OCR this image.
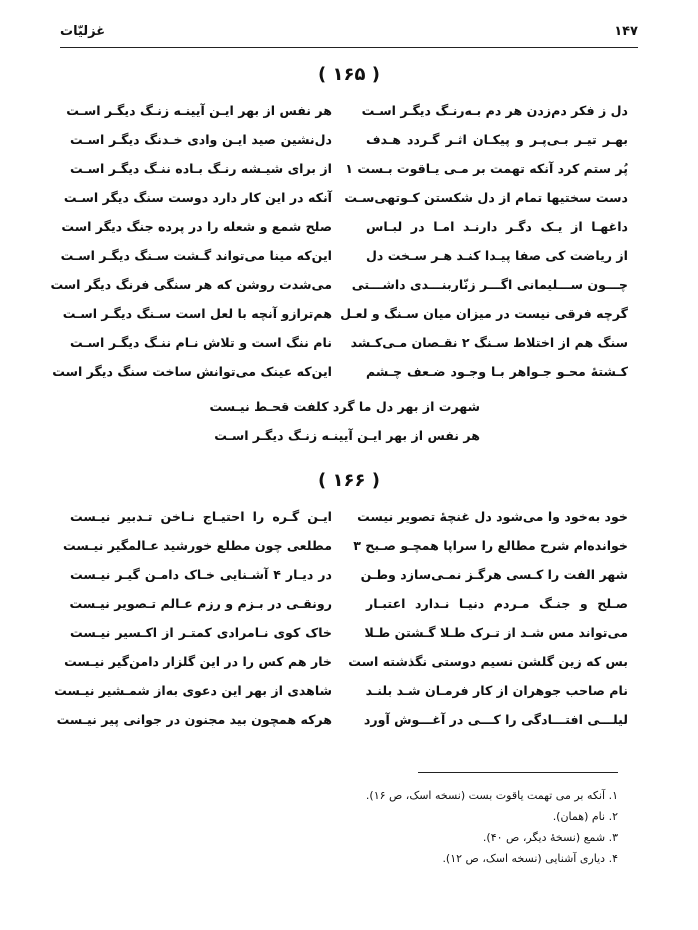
۱۴۷
غزلیّات
( ۱۶۵ )
دل ز فکر دم‌زدن هر دم بـه‌رنـگ دیگـر اسـت
هر نفس از بهر ایـن آیینـه زنـگ دیگـر اسـت
بهـر تیـر بـی‌پـر و پیکـان اثـر گـردد هـدف
دل‌نشین صید ایـن وادی خـدنگ دیگـر اسـت
پُر ستم کرد آنکه تهمت بر مـی یـاقوت بـست ۱
از برای شیـشه رنـگ بـاده ننـگ دیگـر اسـت
دست سختیها تمام از دل شکستن کـوتهی‌سـت
آنکه در این کار دارد دوست سنگ دیگر اسـت
داغهـا از یـک دگـر دارنـد امـا در لبـاس
صلح شمع و شعله را در پرده جنگ دیگر است
از ریاضت کی صفا پیـدا کنـد هـر سـخت دل
این‌که مینا می‌تواند گـشت سـنگ دیگـر اسـت
چـــون ســـلیمانی اگـــر زنّاربنـــدی داشـــتی
می‌شدت روشن که هر سنگی فرنگ دیگر است
گرچه فرقی نیست در میزان میان سـنگ و لعـل
هم‌ترازو آنچه با لعل است سـنگ دیگـر اسـت
سنگ هم از اختلاط سـنگ ۲ نقـصان مـی‌کـشد
نام ننگ است و تلاش نـام ننـگ دیگـر اسـت
کـشتهٔ محـو جـواهر بـا وجـود ضـعف چـشم
این‌که عینک می‌توانش ساخت سنگ دیگر است
شهرت از بهر دل ما گرد کلفت قحـط نیـست
هر نفس از بهر ایـن آیینـه زنـگ دیگـر اسـت
( ۱۶۶ )
خود به‌خود وا می‌شود دل غنچهٔ تصویر نیست
ایـن گـره را احتیـاج نـاخن تـدبیر نیـست
خوانده‌ام شرح مطالع را سراپا همچـو صـبح ۳
مطلعی چون مطلع خورشید عـالمگیر نیـست
شهر الفت را کـسی هرگـز نمـی‌سازد وطـن
در دیـار ۴ آشـنایی خـاک دامـن گیـر نیـست
صـلح و جنـگ مـردم دنیـا نـدارد اعتبـار
رونقـی در بـزم و رزم عـالم تـصویر نیـست
می‌تواند مس شـد از تـرک طـلا گـشتن طـلا
خاک کوی نـامرادی کمتـر از اکـسیر نیـست
بس که زین گلشن نسیم دوستی نگذشته است
خار هم کس را در این گلزار دامن‌گیر نیـست
نام صاحب جوهران از کار فرمـان شـد بلنـد
شاهدی از بهر این دعوی به‌از شمـشیر نیـست
لیلـــی افتـــادگی را کـــی در آغـــوش آورد
هرکه همچون بید مجنون در جوانی پیر نیـست
۱. آنکه بر می تهمت یاقوت بست (نسخه اسک، ص ۱۶).
۲. نام (همان).
۳. شمع (نسخهٔ دیگر، ص ۴۰).
۴. دیاری آشنایی (نسخه اسک، ص ۱۲).
